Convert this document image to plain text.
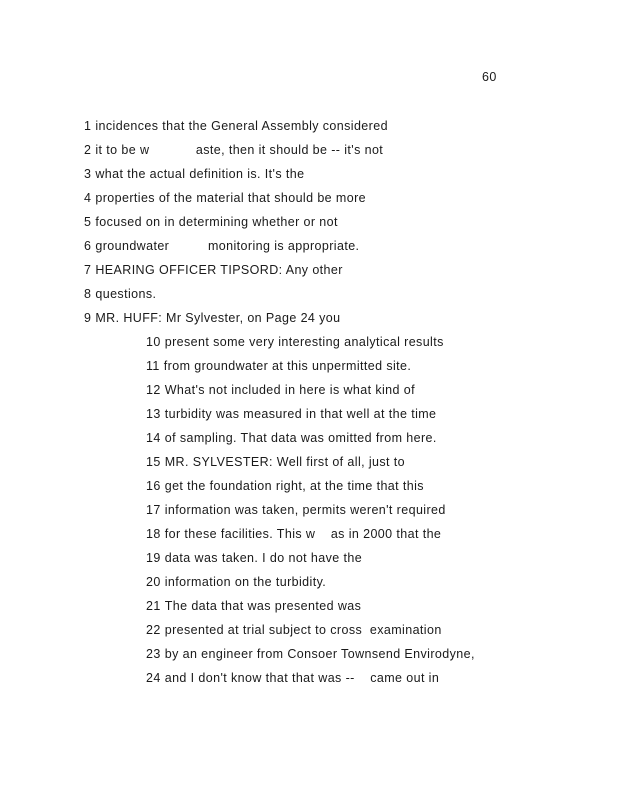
60
1 incidences that the General Assembly considered
2 it to be w            aste, then it should be -- it's not
3 what the actual definition is. It's the
4 properties of the material that should be more
5 focused on in determining whether or not
6 groundwater          monitoring is appropriate.
7 HEARING OFFICER TIPSORD: Any other
8 questions.
9 MR. HUFF: Mr Sylvester, on Page 24 you
10 present some very interesting analytical results
11 from groundwater at this unpermitted site.
12 What's not included in here is what kind of
13 turbidity was measured in that well at the time
14 of sampling. That data was omitted from here.
15 MR. SYLVESTER: Well first of all, just to
16 get the foundation right, at the time that this
17 information was taken, permits weren't required
18 for these facilities. This w    as in 2000 that the
19 data was taken. I do not have the
20 information on the turbidity.
21 The data that was presented was
22 presented at trial subject to cross  examination
23 by an engineer from Consoer Townsend Envirodyne,
24 and I don't know that that was --    came out in
